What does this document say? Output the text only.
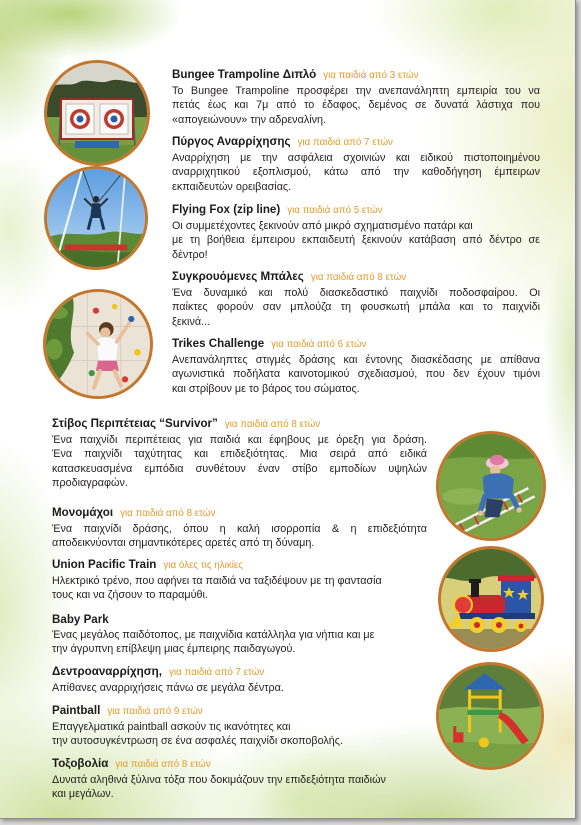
Bungee Trampoline Διπλό για παιδιά από 3 ετών
Το Bungee Trampoline προσφέρει την ανεπανάληπτη εμπειρία του να
πετάς έως και 7μ από το έδαφος, δεμένος σε δυνατά λάστιχα που
«απογειώνουν» την αδρεναλίνη.
Πύργος Αναρρίχησης για παιδιά από 7 ετών
Αναρρίχηση με την ασφάλεια σχοινιών και ειδικού πιστοποιημένου
αναρριχητικού εξοπλισμού, κάτω από την καθοδήγηση έμπειρων
εκπαιδευτών ορειβασίας.
Flying Fox (zip line) για παιδιά από 5 ετών
Οι συμμετέχοντες ξεκινούν από μικρό σχηματισμένο πατάρι και
με τη βοήθεια έμπειρου εκπαιδευτή ξεκινούν κατάβαση από δέντρο σε
δέντρο!
Συγκρουόμενες Μπάλες για παιδιά από 8 ετών
Ένα δυναμικό και πολύ διασκεδαστικό παιχνίδι ποδοσφαίρου. Οι
παίκτες φορούν σαν μπλούζα τη φουσκωτή μπάλα και το παιχνίδι
ξεκινά...
Trikes Challenge για παιδιά από 6 ετών
Ανεπανάληπτες στιγμές δράσης και έντονης διασκέδασης με απίθανα
αγωνιστικά ποδήλατα καινοτομικού σχεδιασμού, που δεν έχουν τιμόνι
και στρίβουν με το βάρος του σώματος.
Στίβος Περιπέτειας “Survivor” για παιδιά από 8 ετών
Ένα παιχνίδι περιπέτειας για παιδιά και έφηβους με όρεξη για δράση.
Ένα παιχνίδι ταχύτητας και επιδεξιότητας. Μια σειρά από ειδικά
κατασκευασμένα εμπόδια συνθέτουν έναν στίβο εμποδίων υψηλών
προδιαγραφών.
Μονομάχοι για παιδιά από 8 ετών
Ένα παιχνίδι δράσης, όπου η καλή ισορροπία & η επιδεξιότητα
αποδεικνύονται σημαντικότερες αρετές από τη δύναμη.
Union Pacific Train για όλες τις ηλικίες
Ηλεκτρικό τρένο, που αφήνει τα παιδιά να ταξιδέψουν με τη φαντασία
τους και να ζήσουν το παραμύθι.
Baby Park
Ένας μεγάλος παιδότοπος, με παιχνίδια κατάλληλα για νήπια και με
την άγρυπνη επίβλεψη μιας έμπειρης παιδαγωγού.
Δεντροαναρρίχηση, για παιδιά από 7 ετών
Απίθανες αναρριχήσεις πάνω σε μεγάλα δέντρα.
Paintball για παιδιά από 9 ετών
Επαγγελματικά paintball ασκούν τις ικανότητες και
την αυτοσυγκέντρωση σε ένα ασφαλές παιχνίδι σκοποβολής.
Τοξοβολία για παιδιά από 8 ετών
Δυνατά αληθινά ξύλινα τόξα που δοκιμάζουν την επιδεξιότητα παιδιών
και μεγάλων.
